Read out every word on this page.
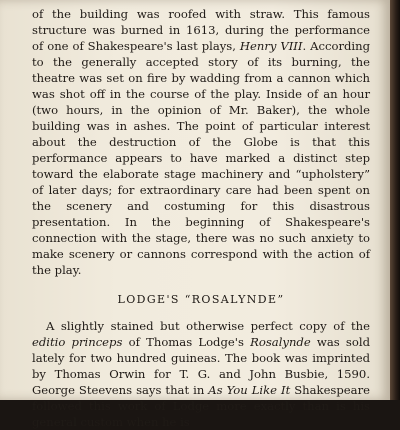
of the building was roofed with straw. This famous structure was burned in 1613, during the performance of one of Shakespeare's last plays, Henry VIII. According to the generally accepted story of its burning, the theatre was set on fire by wadding from a cannon which was shot off in the course of the play. Inside of an hour (two hours, in the opinion of Mr. Baker), the whole building was in ashes. The point of particular interest about the destruction of the Globe is that this performance appears to have marked a distinct step toward the elaborate stage machinery and “upholstery” of later days; for extraordinary care had been spent on the scenery and costuming for this disastrous presentation. In the beginning of Shakespeare's connection with the stage, there was no such anxiety to make scenery or cannons correspond with the action of the play.

LODGE'S “ROSALYNDE”

A slightly stained but otherwise perfect copy of the editio princeps of Thomas Lodge's Rosalynde was sold lately for two hundred guineas. The book was imprinted by Thomas Orwin for T. G. and John Busbie, 1590. George Steevens says that in As You Like It Shakespeare followed this work of Lodge more exactly than is his general custom when he is
